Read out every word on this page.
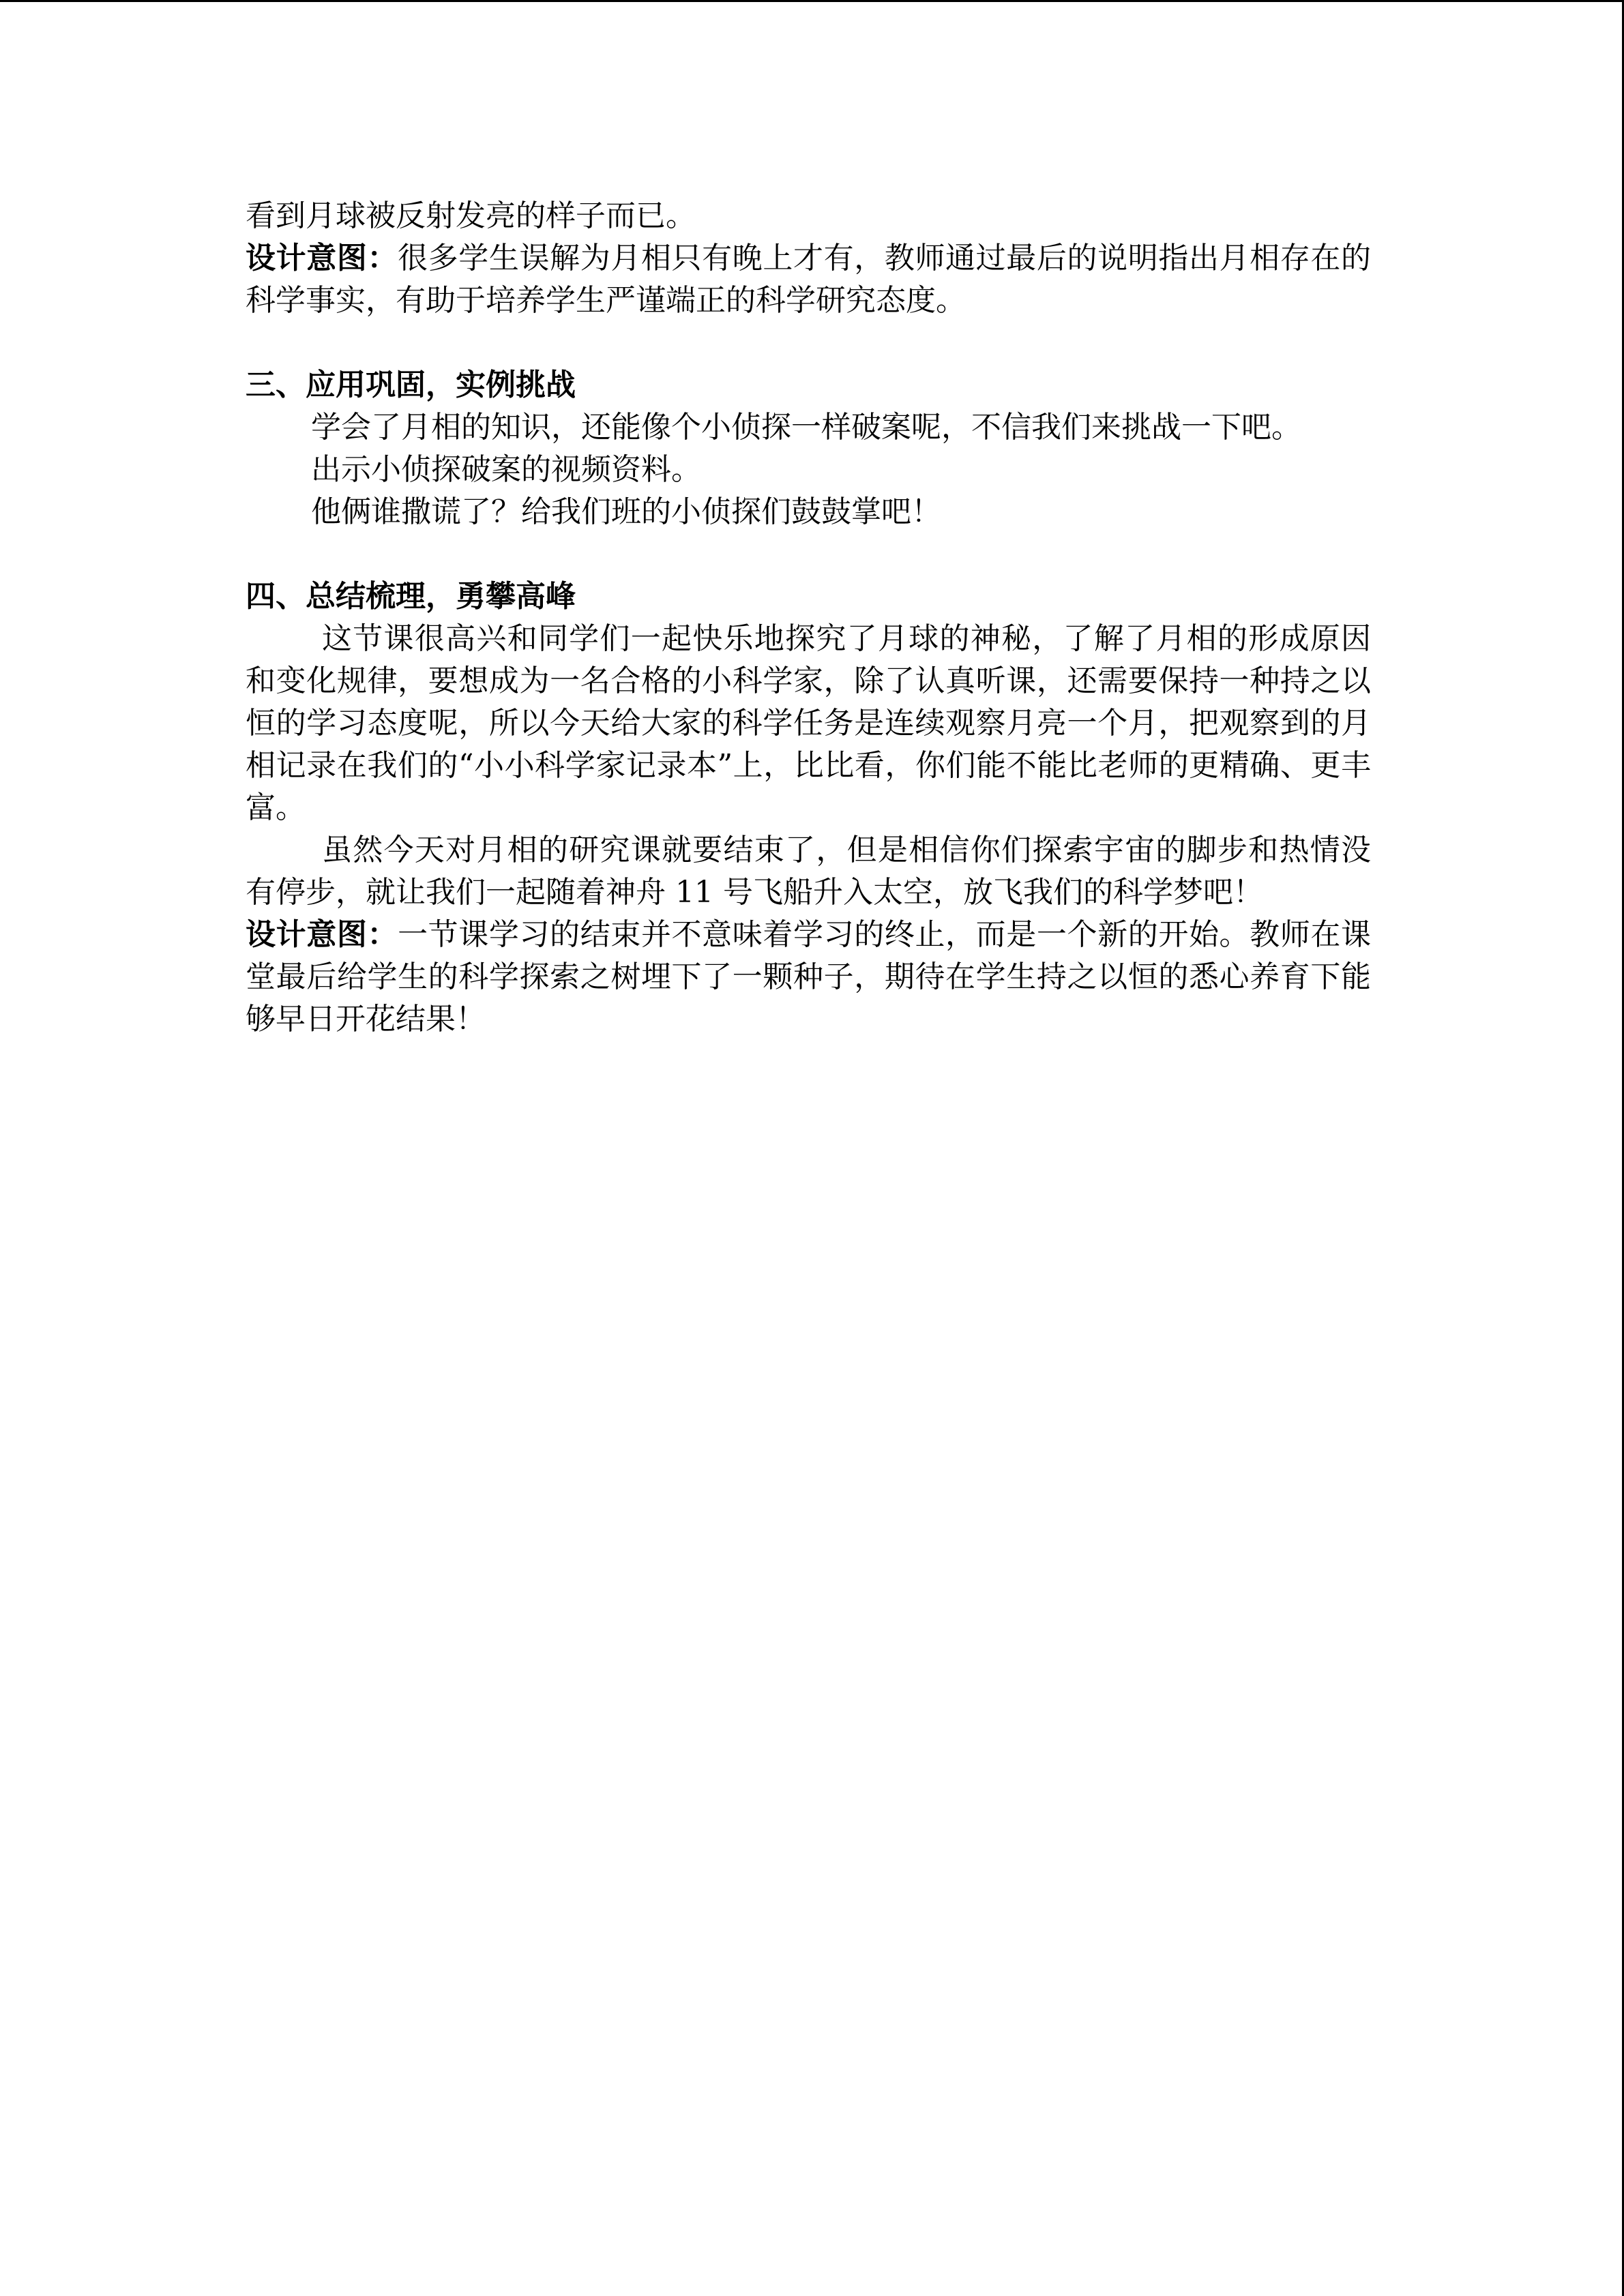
看到月球被反射发亮的样子而已。

设计意图：很多学生误解为月相只有晚上才有，教师通过最后的说明指出月相存在的科学事实，有助于培养学生严谨端正的科学研究态度。

三、应用巩固，实例挑战

学会了月相的知识，还能像个小侦探一样破案呢，不信我们来挑战一下吧。

出示小侦探破案的视频资料。

他俩谁撒谎了？给我们班的小侦探们鼓鼓掌吧！

四、总结梳理，勇攀高峰

这节课很高兴和同学们一起快乐地探究了月球的神秘，了解了月相的形成原因和变化规律，要想成为一名合格的小科学家，除了认真听课，还需要保持一种持之以恒的学习态度呢，所以今天给大家的科学任务是连续观察月亮一个月，把观察到的月相记录在我们的“小小科学家记录本”上，比比看，你们能不能比老师的更精确、更丰富。

虽然今天对月相的研究课就要结束了，但是相信你们探索宇宙的脚步和热情没有停步，就让我们一起随着神舟 11 号飞船升入太空，放飞我们的科学梦吧！

设计意图：一节课学习的结束并不意味着学习的终止，而是一个新的开始。教师在课堂最后给学生的科学探索之树埋下了一颗种子，期待在学生持之以恒的悉心养育下能够早日开花结果！
